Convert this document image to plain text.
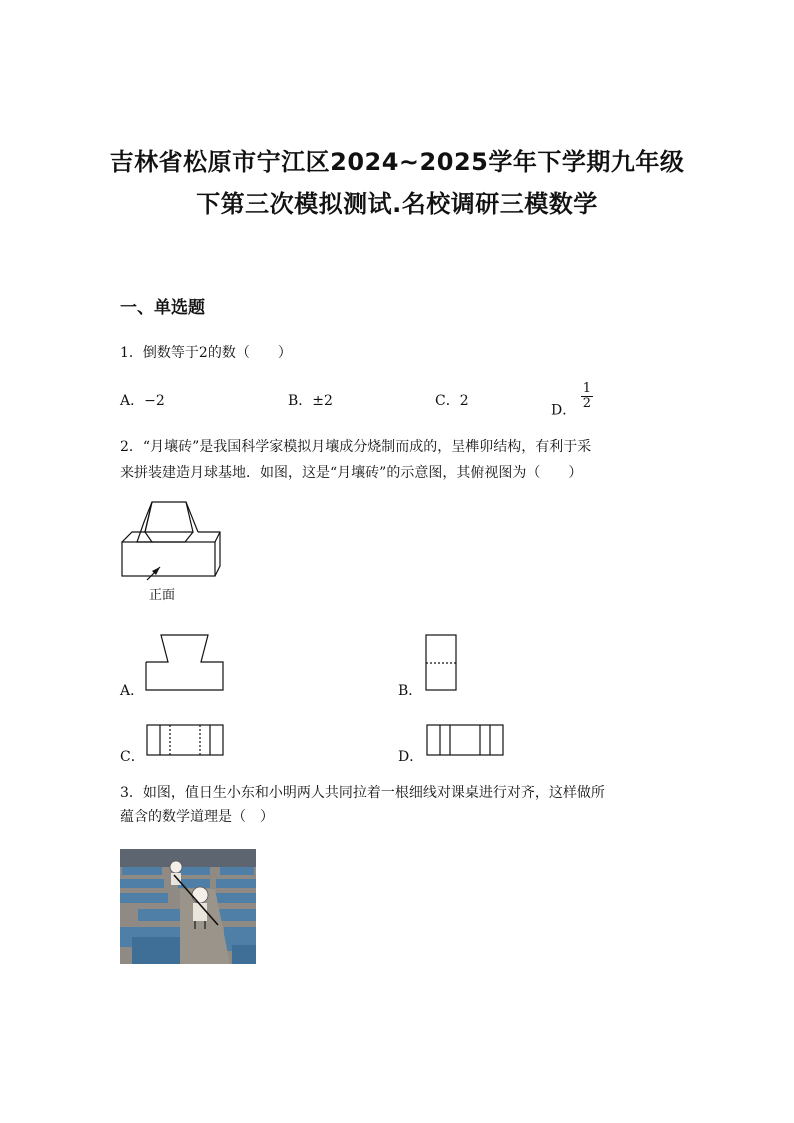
吉林省松原市宁江区2024~2025学年下学期九年级
下第三次模拟测试.名校调研三模数学
一、单选题
1．倒数等于2的数（　　）
A．−2	B．±2	C．2
D． $\frac{1}{2}$
2．“月壤砖”是我国科学家模拟月壤成分烧制而成的，呈榫卯结构，有利于采
来拼装建造月球基地．如图，这是“月壤砖”的示意图，其俯视图为（　　）
正面
A．	B．
C．	D．
3．如图，值日生小东和小明两人共同拉着一根细线对课桌进行对齐，这样做所
蕴含的数学道理是（　）
